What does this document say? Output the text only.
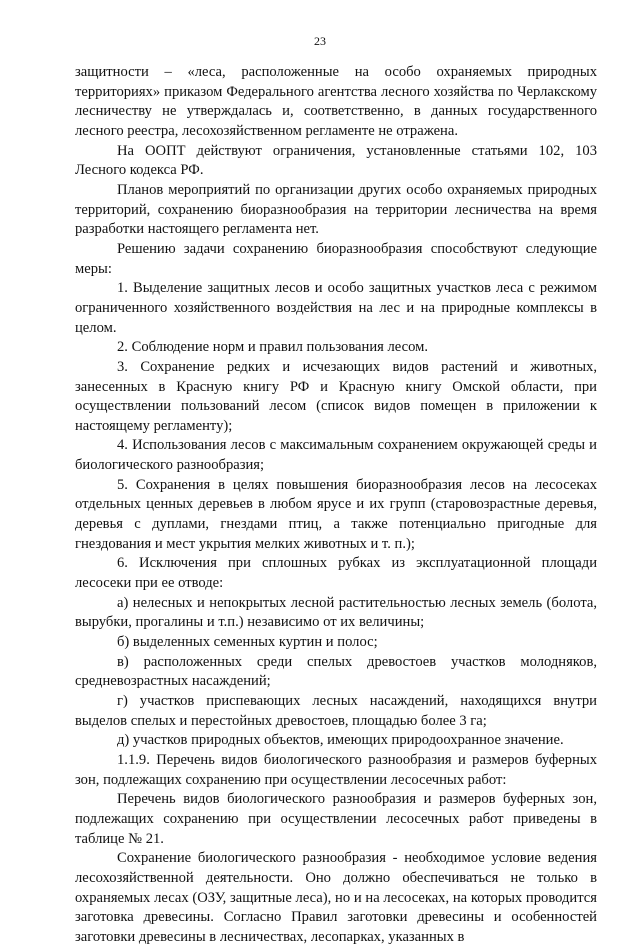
23

защитности – «леса, расположенные на особо охраняемых природных территориях» приказом Федерального агентства лесного хозяйства по Черлакскому лесничеству не утверждалась и, соответственно, в данных государственного лесного реестра, лесохозяйственном регламенте не отражена.

На ООПТ действуют ограничения, установленные статьями 102, 103 Лесного кодекса РФ.

Планов мероприятий по организации других особо охраняемых природных территорий, сохранению биоразнообразия на территории лесничества на время разработки настоящего регламента нет.

Решению задачи сохранению биоразнообразия способствуют следующие меры:

1. Выделение защитных лесов и особо защитных участков леса с режимом ограниченного хозяйственного воздействия на лес и на природные комплексы в целом.

2. Соблюдение норм и правил пользования лесом.

3. Сохранение редких и исчезающих видов растений и животных, занесенных в Красную книгу РФ и Красную книгу Омской области, при осуществлении пользований лесом (список видов помещен в приложении к настоящему регламенту);

4. Использования лесов с максимальным сохранением окружающей среды и биологического разнообразия;

5. Сохранения в целях повышения биоразнообразия лесов на лесосеках отдельных ценных деревьев в любом ярусе и их групп (старовозрастные деревья, деревья с дуплами, гнездами птиц, а также потенциально пригодные для гнездования и мест укрытия мелких животных и т. п.);

6. Исключения при сплошных рубках из эксплуатационной площади лесосеки при ее отводе:

а) нелесных и непокрытых лесной растительностью лесных земель (болота, вырубки, прогалины и т.п.) независимо от их величины;

б) выделенных семенных куртин и полос;

в) расположенных среди спелых древостоев участков молодняков, средневозрастных насаждений;

г) участков приспевающих лесных насаждений, находящихся внутри выделов спелых и перестойных древостоев, площадью более 3 га;

д) участков природных объектов, имеющих природоохранное значение.

1.1.9. Перечень видов биологического разнообразия и размеров буферных зон, подлежащих сохранению при осуществлении лесосечных работ:

Перечень видов биологического разнообразия и размеров буферных зон, подлежащих сохранению при осуществлении лесосечных работ приведены в таблице № 21.

Сохранение биологического разнообразия - необходимое условие ведения лесохозяйственной деятельности. Оно должно обеспечиваться не только в охраняемых лесах (ОЗУ, защитные леса), но и на лесосеках, на которых проводится заготовка древесины. Согласно Правил заготовки древесины и особенностей заготовки древесины в лесничествах, лесопарках, указанных в
